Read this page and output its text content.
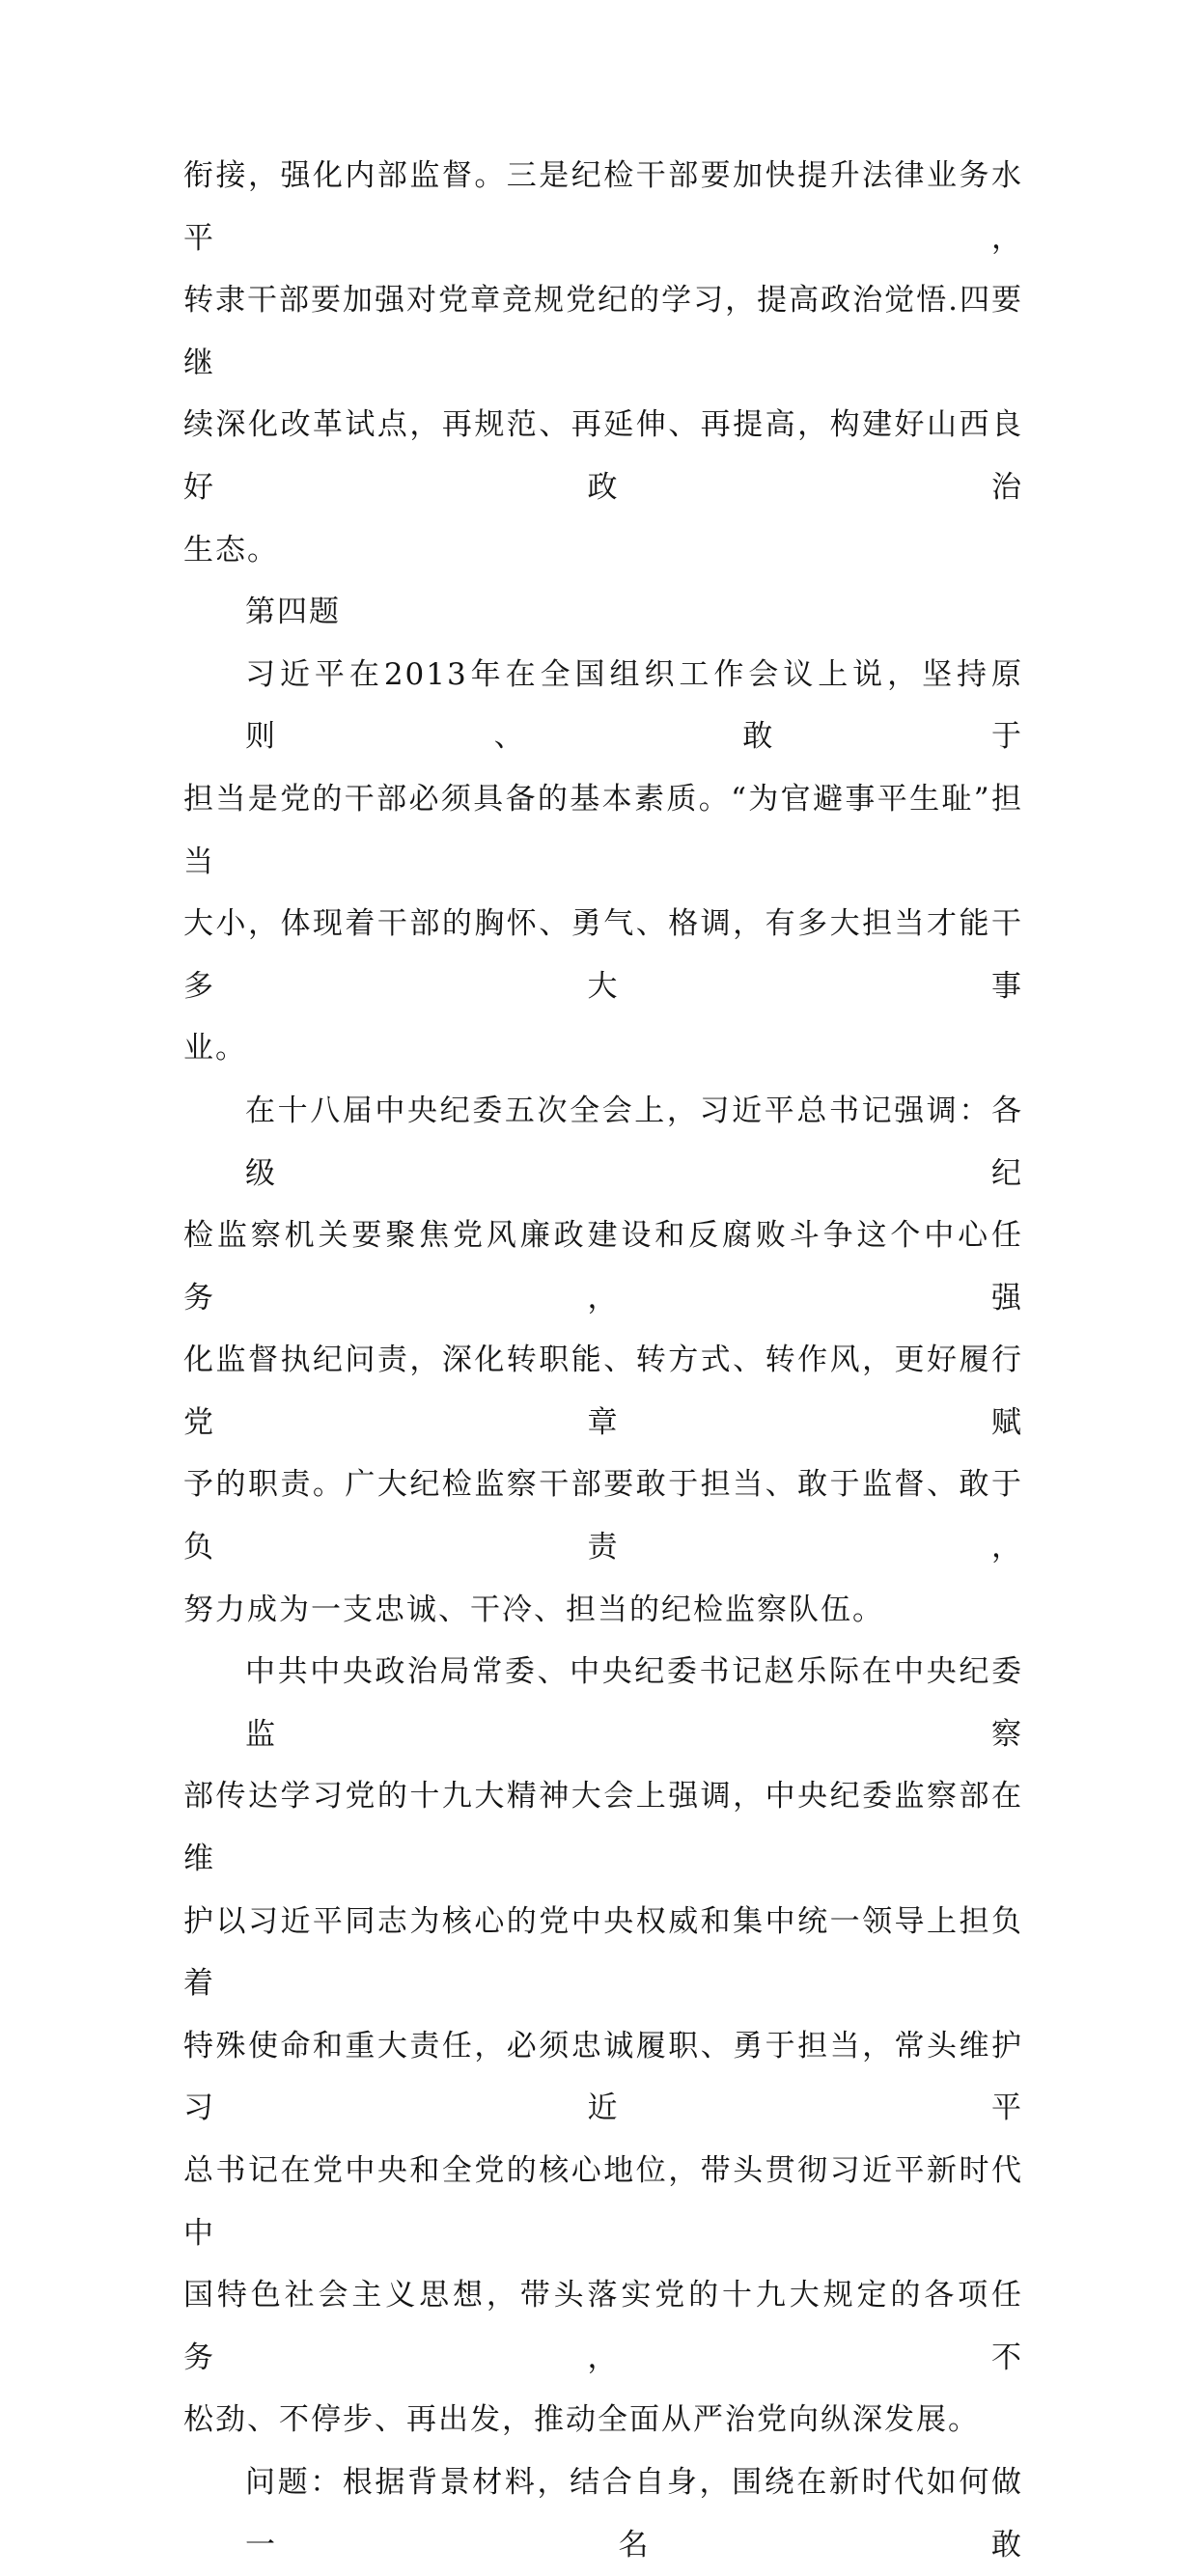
衔接，强化内部监督。三是纪检干部要加快提升法律业务水平，
转隶干部要加强对党章竞规党纪的学习，提高政治觉悟.四要继
续深化改革试点，再规范、再延伸、再提高，构建好山西良好政治
生态。

第四题

习近平在2013年在全国组织工作会议上说，坚持原则、敢于
担当是党的干部必须具备的基本素质。“为官避事平生耻”担当
大小，体现着干部的胸怀、勇气、格调，有多大担当才能干多大事
业。

在十八届中央纪委五次全会上，习近平总书记强调：各级纪
检监察机关要聚焦党风廉政建设和反腐败斗争这个中心任务，强
化监督执纪问责，深化转职能、转方式、转作风，更好履行党章赋
予的职责。广大纪检监察干部要敢于担当、敢于监督、敢于负责，
努力成为一支忠诚、干冷、担当的纪检监察队伍。

中共中央政治局常委、中央纪委书记赵乐际在中央纪委监察
部传达学习党的十九大精神大会上强调，中央纪委监察部在维
护以习近平同志为核心的党中央权威和集中统一领导上担负着
特殊使命和重大责任，必须忠诚履职、勇于担当，常头维护习近平
总书记在党中央和全党的核心地位，带头贯彻习近平新时代中
国特色社会主义思想，带头落实党的十九大规定的各项任务，不
松劲、不停步、再出发，推动全面从严治党向纵深发展。

问题：根据背景材料，结合自身，围绕在新时代如何做一名敢
